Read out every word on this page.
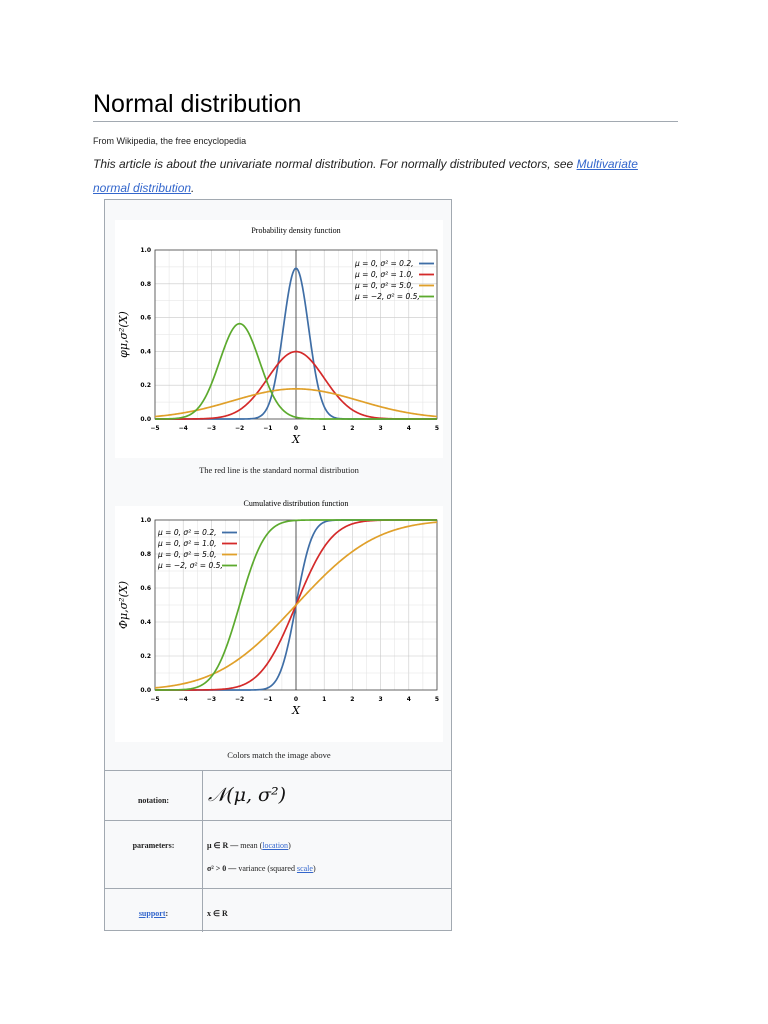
Normal distribution
From Wikipedia, the free encyclopedia
This article is about the univariate normal distribution. For normally distributed vectors, see Multivariate normal distribution.
Probability density function
−5	−4	−3	−2	−1	0	1	2	3	4	5
0.0
0.2
0.4
0.6
0.8
1.0
X
φμ,σ²(X)
μ = 0, σ² = 0.2,
μ = 0, σ² = 1.0,
μ = 0, σ² = 5.0,
μ = −2, σ² = 0.5,
The red line is the standard normal distribution
Cumulative distribution function
−5	−4	−3	−2	−1	0	1	2	3	4	5
0.0
0.2
0.4
0.6
0.8
1.0
X
Φμ,σ²(X)
μ = 0, σ² = 0.2,
μ = 0, σ² = 1.0,
μ = 0, σ² = 5.0,
μ = −2, σ² = 0.5,
Colors match the image above
notation:	𝒩(μ, σ²)
parameters:	μ ∈ R — mean (location)
σ² > 0 — variance (squared scale)
support:	x ∈ R
